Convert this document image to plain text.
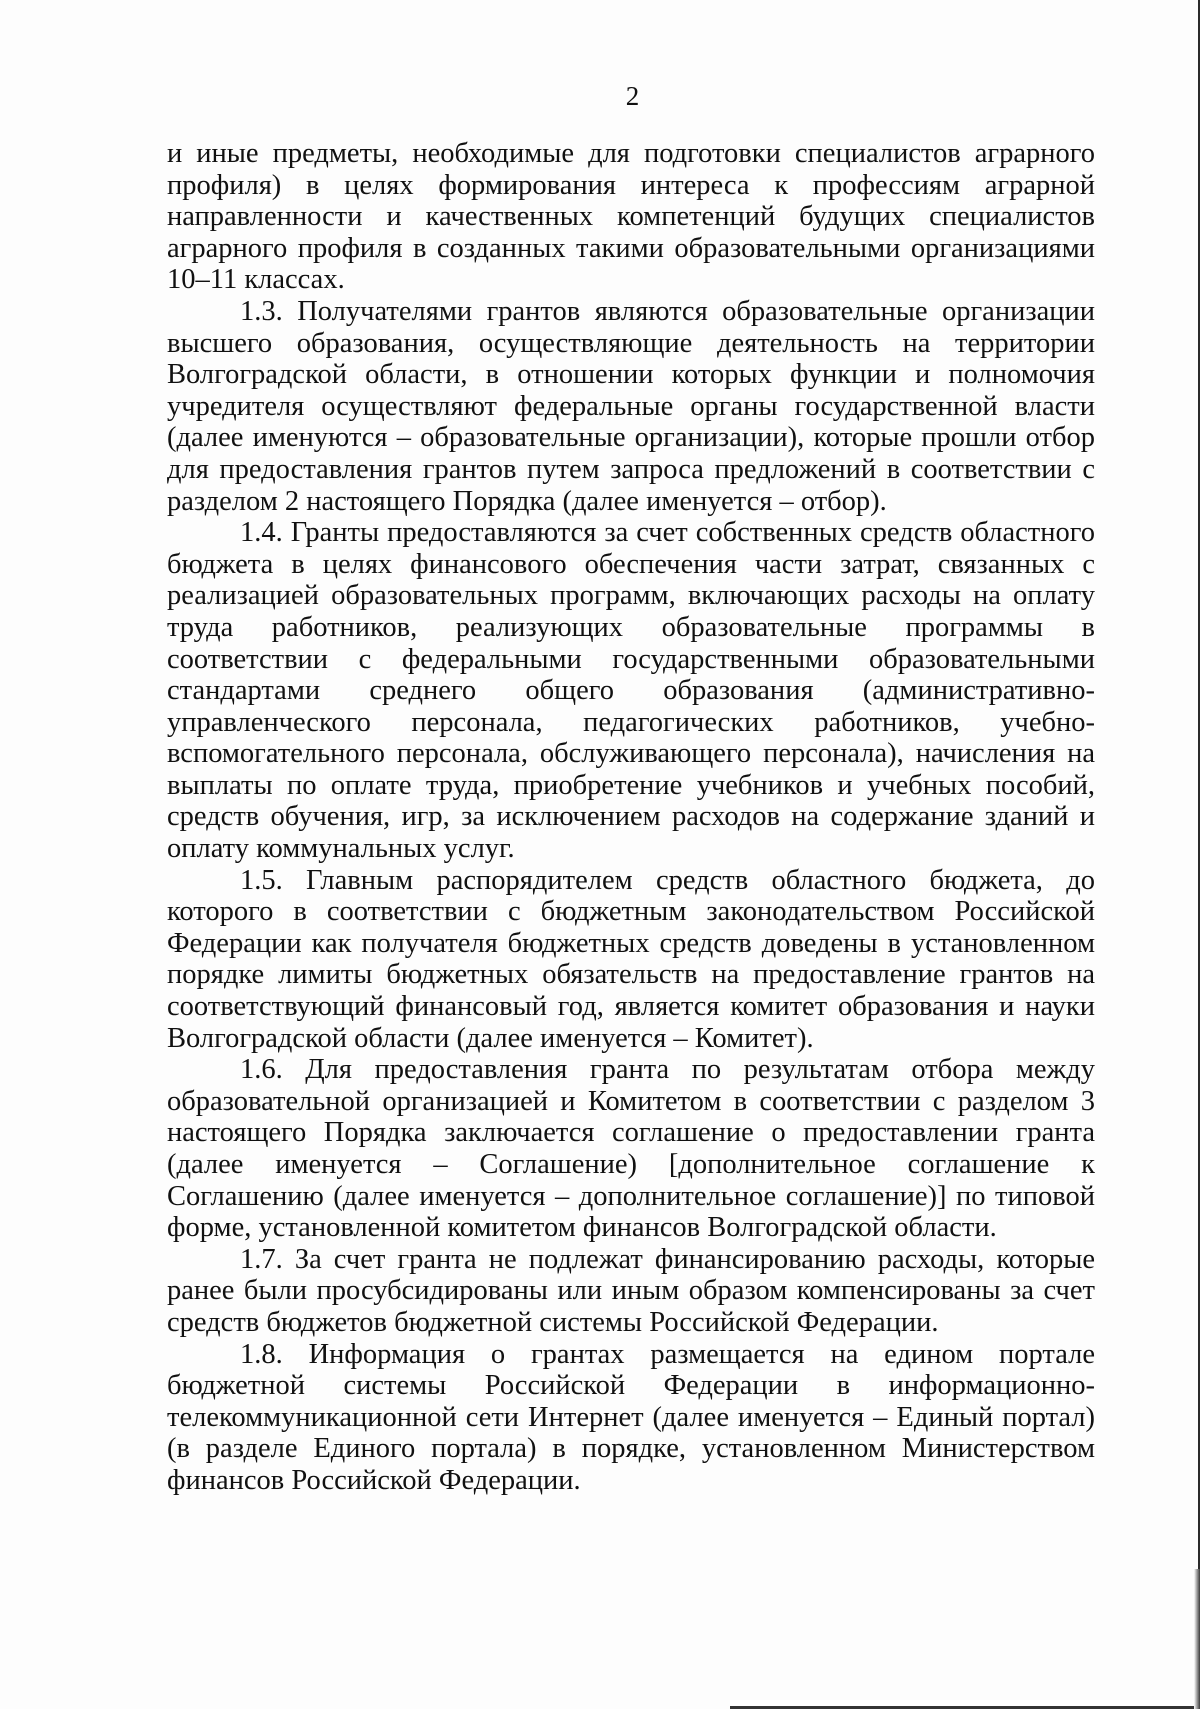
2

и иные предметы, необходимые для подготовки специалистов аграрного профиля) в целях формирования интереса к профессиям аграрной направленности и качественных компетенций будущих специалистов аграрного профиля в созданных такими образовательными организациями 10–11 классах.

1.3. Получателями грантов являются образовательные организации высшего образования, осуществляющие деятельность на территории Волгоградской области, в отношении которых функции и полномочия учредителя осуществляют федеральные органы государственной власти (далее именуются – образовательные организации), которые прошли отбор для предоставления грантов путем запроса предложений в соответствии с разделом 2 настоящего Порядка (далее именуется – отбор).

1.4. Гранты предоставляются за счет собственных средств областного бюджета в целях финансового обеспечения части затрат, связанных с реализацией образовательных программ, включающих расходы на оплату труда работников, реализующих образовательные программы в соответствии с федеральными государственными образовательными стандартами среднего общего образования (административно-управленческого персонала, педагогических работников, учебно-вспомогательного персонала, обслуживающего персонала), начисления на выплаты по оплате труда, приобретение учебников и учебных пособий, средств обучения, игр, за исключением расходов на содержание зданий и оплату коммунальных услуг.

1.5. Главным распорядителем средств областного бюджета, до которого в соответствии с бюджетным законодательством Российской Федерации как получателя бюджетных средств доведены в установленном порядке лимиты бюджетных обязательств на предоставление грантов на соответствующий финансовый год, является комитет образования и науки Волгоградской области (далее именуется – Комитет).

1.6. Для предоставления гранта по результатам отбора между образовательной организацией и Комитетом в соответствии с разделом 3 настоящего Порядка заключается соглашение о предоставлении гранта (далее именуется – Соглашение) [дополнительное соглашение к Соглашению (далее именуется – дополнительное соглашение)] по типовой форме, установленной комитетом финансов Волгоградской области.

1.7. За счет гранта не подлежат финансированию расходы, которые ранее были просубсидированы или иным образом компенсированы за счет средств бюджетов бюджетной системы Российской Федерации.

1.8. Информация о грантах размещается на едином портале бюджетной системы Российской Федерации в информационно-телекоммуникационной сети Интернет (далее именуется – Единый портал) (в разделе Единого портала) в порядке, установленном Министерством финансов Российской Федерации.
